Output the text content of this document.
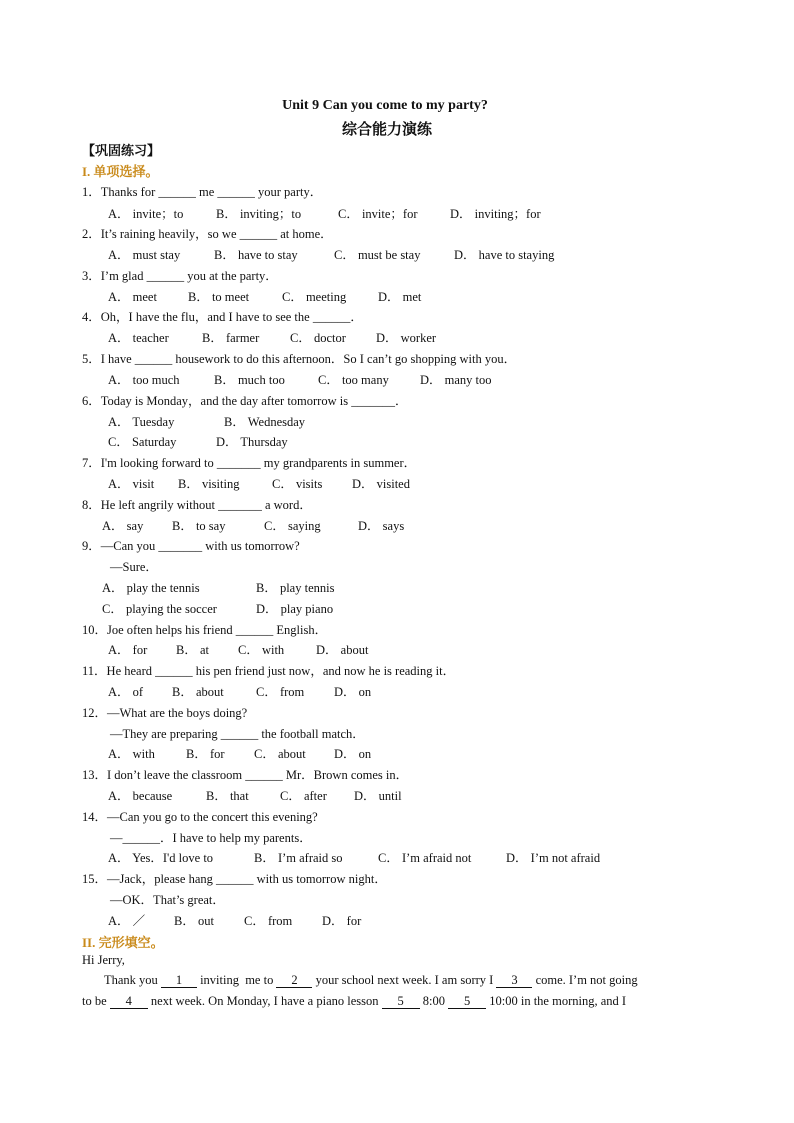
Unit 9 Can you come to my party?
综合能力演练
【巩固练习】
I. 单项选择。
1．Thanks for ______ me ______ your party．
A． invite；to	B． inviting；to	C． invite；for	D． inviting；for
2．It’s raining heavily，so we ______ at home．
A． must stay	B． have to stay	C． must be stay	D． have to staying
3．I’m glad ______ you at the party．
A． meet B． to meet	C． meeting	D． met
4．Oh，I have the flu，and I have to see the ______．
A． teacher	B． farmer C． doctor D． worker
5．I have ______ housework to do this afternoon．So I can’t go shopping with you．
A． too much	B． much too	C． too many D． many too
6．Today is Monday，and the day after tomorrow is _______．
A． Tuesday	B． Wednesday
C． Saturday	D． Thursday
7．I'm looking forward to _______ my grandparents in summer．
A． visit B． visiting	C． visits D． visited
8．He left angrily without _______ a word．
A． say B． to say	C． saying	D． says
9．—Can you _______ with us tomorrow?
—Sure．
A． play the tennis	B． play tennis
C． playing the soccer	D． play piano
10．Joe often helps his friend ______ English．
A． for B． at C． with	D． about
11．He heard ______ his pen friend just now，and now he is reading it．
A． of B． about	C． from D． on
12．—What are the boys doing?
—They are preparing ______ the football match．
A． with B． for C． about D． on
13．I don’t leave the classroom ______ Mr．Brown comes in．
A． because	B． that	C． after D． until
14．—Can you go to the concert this evening?
—______．I have to help my parents．
A． Yes．I'd love to	B． I’m afraid so	C． I’m afraid not	D． I’m not afraid
15．—Jack，please hang ______ with us tomorrow night．
—OK．That’s great．
A． ／ B． out C． from D． for
II. 完形填空。
Hi Jerry,
Thank you 1 inviting  me to 2 your school next week. I am sorry I 3 come. I’m not going
to be 4 next week. On Monday, I have a piano lesson 5 8:00 5 10:00 in the morning, and I
